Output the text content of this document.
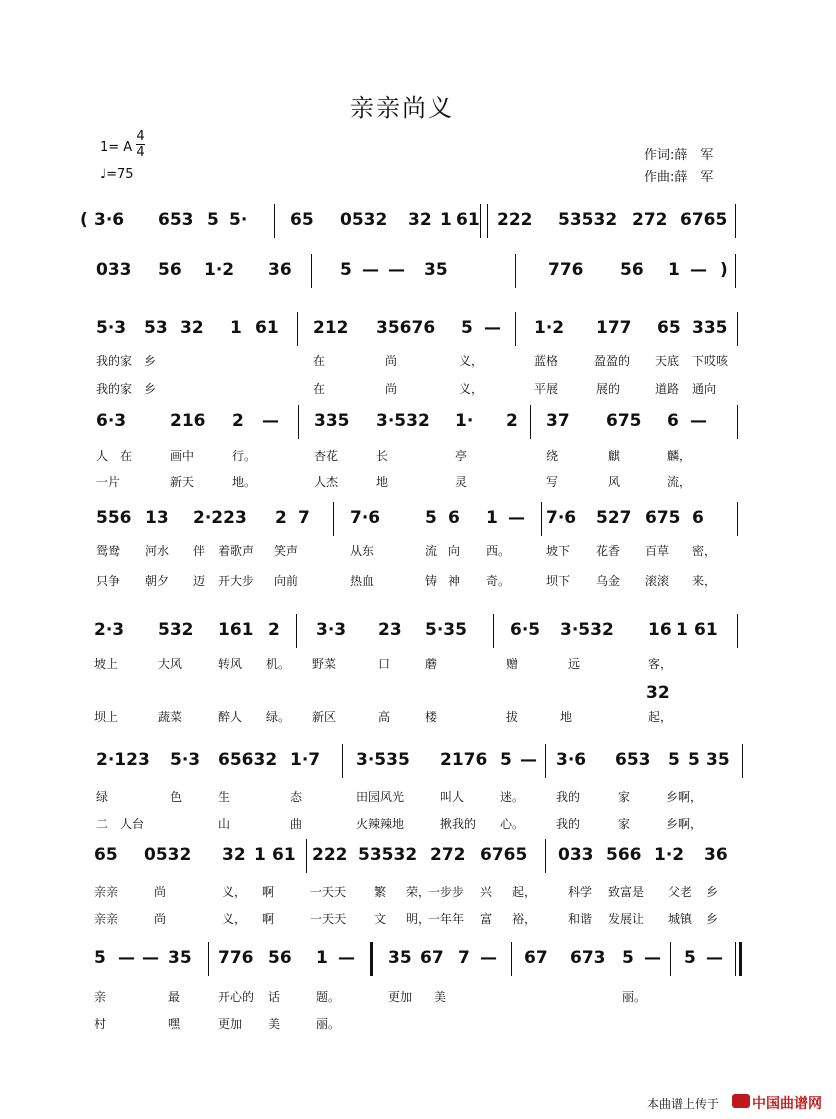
亲亲尚义
1= A
4
4
♩=75
作词:薛　军
作曲:薛　军
( 3·6 653 5 5·	65 0532 32 1 61 222 53532 272 6765
033 56 1·2 36	5 — — 35	776 56 1 — )
5·3 53 32 1 61 212 35676 5 — 1·2 177 65 335
我的家　乡	在	尚	义，	蓝格	盈盈的 天底 下哎咳
我的家　乡	在	尚	义，	平展	展的	道路 通向
6·3	216 2 — 335 3·532 1· 2 37 675 6 —
人　在	画中	行。	杏花	长	亭	绕	麒	麟，
一片	新天	地。	人杰	地	灵	写	风	流，
556 13 2·223 2 7 7·6	5 6 1 — 7·6 527 675 6
鸳鸯 河水 伴 着歌声 笑声	从东	流 向 西。	坡下 花香 百草 密，
只争 朝夕 迈 开大步 向前	热血	铸 神 奇。	坝下 乌金 滚滚 来，
2·3 532 161 2 3·3 23 5·35	6·5 3·532 16 1 61
坡上	大风	转风 机。 野菜	口	蘑	赠	远	客，
坝上	蔬菜	醉人 绿。 新区	高	楼	拔	地	起，
32
2·123 5·3 65632 1·7 3·535 2176 5 — 3·6 653 5 5 35
绿	色	生	态	田园风光	叫人	迷。	我的	家	乡啊，
二　人台	山	曲	火辣辣地	揪我的 心。	我的	家	乡啊，
65 0532 32 1 61 222 53532 272 6765 033 566 1·2 36
亲亲	尚	义， 啊	一天天 繁 荣，
一步步 兴 起，	科学 致富是 父老 乡
亲亲	尚	义， 啊	一天天 文 明，
一年年 富 裕，	和谐 发展让 城镇 乡
5 — — 35 776 56 1 — 35 67 7 — 67 673 5 — 5 —
亲	最	开心的 话	题。	更加 美	丽。
村	嘿	更加 美	丽。
本曲谱上传于 中国曲谱网
